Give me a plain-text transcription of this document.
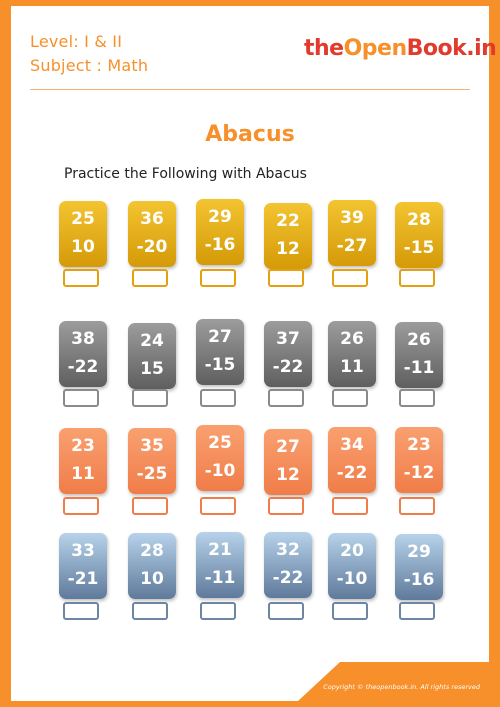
Level: I & II
Subject : Math
theOpenBook.in
Abacus
Practice the Following with Abacus
25
10
36
-20
29
-16
22
12
39
-27
28
-15
38
-22
24
15
27
-15
37
-22
26
11
26
-11
23
11
35
-25
25
-10
27
12
34
-22
23
-12
33
-21
28
10
21
-11
32
-22
20
-10
29
-16
Copyright © theopenbook.in. All rights reserved
